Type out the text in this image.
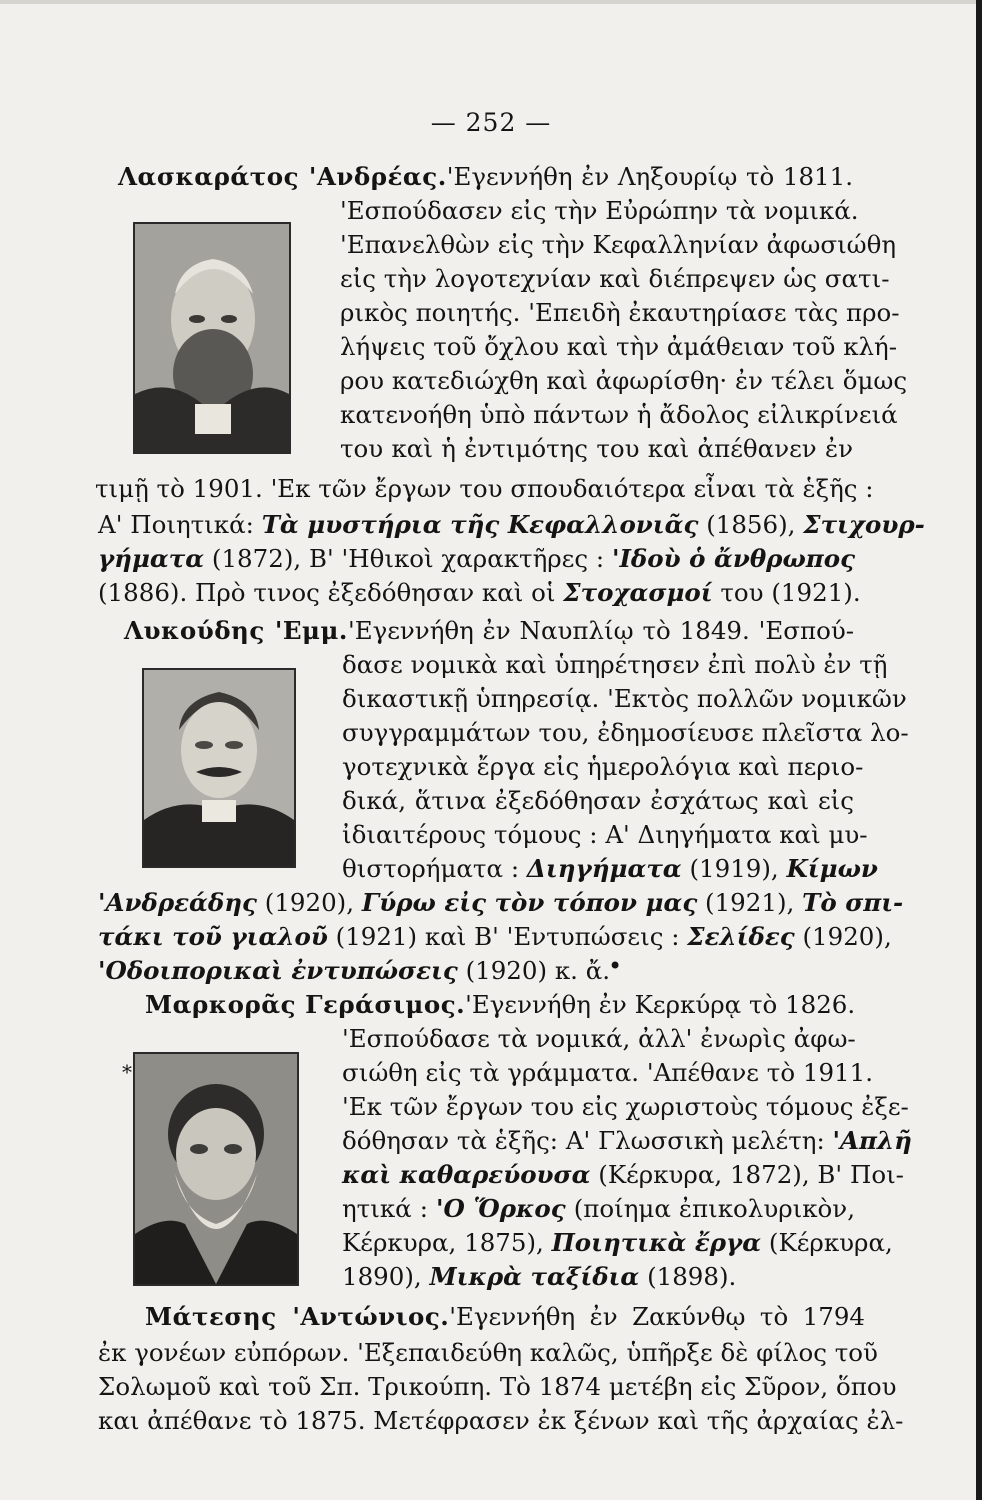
— 252 —
Λασκαράτος 'Ανδρέας.'Εγεννήθη ἐν Ληξουρίῳ τὸ 1811.
'Εσπούδασεν εἰς τὴν Εὐρώπην τὰ νομικά.
'Επανελθὼν εἰς τὴν Κεφαλληνίαν ἀφωσιώθη
εἰς τὴν λογοτεχνίαν καὶ διέπρεψεν ὡς σατι-
ρικὸς ποιητής. 'Επειδὴ ἐκαυτηρίασε τὰς προ-
λήψεις τοῦ ὄχλου καὶ τὴν ἀμάθειαν τοῦ κλή-
ρου κατεδιώχθη καὶ ἀφωρίσθη· ἐν τέλει ὅμως
κατενοήθη ὑπὸ πάντων ἡ ἄδολος εἰλικρίνειά
του καὶ ἡ ἐντιμότης του καὶ ἀπέθανεν ἐν
τιμῇ τὸ 1901. 'Εκ τῶν ἔργων του σπουδαιότερα εἶναι τὰ ἑξῆς :
Α' Ποιητικά: Τὰ μυστήρια τῆς Κεφαλλονιᾶς (1856), Στιχουρ-
γήματα (1872), Β' 'Ηθικοὶ χαρακτῆρες : 'Ιδοὺ ὁ ἄνθρωπος
(1886). Πρὸ τινος ἐξεδόθησαν καὶ οἱ Στοχασμοί του (1921).
Λυκούδης 'Εμμ.'Εγεννήθη ἐν Ναυπλίῳ τὸ 1849. 'Εσπού-
δασε νομικὰ καὶ ὑπηρέτησεν ἐπὶ πολὺ ἐν τῇ
δικαστικῇ ὑπηρεσίᾳ. 'Εκτὸς πολλῶν νομικῶν
συγγραμμάτων του, ἐδημοσίευσε πλεῖστα λο-
γοτεχνικὰ ἔργα εἰς ἡμερολόγια καὶ περιο-
δικά, ἅτινα ἐξεδόθησαν ἐσχάτως καὶ εἰς
ἰδιαιτέρους τόμους : Α' Διηγήματα καὶ μυ-
θιστορήματα : Διηγήματα (1919), Κίμων
'Ανδρεάδης (1920), Γύρω εἰς τὸν τόπον μας (1921), Τὸ σπι-
τάκι τοῦ γιαλοῦ (1921) καὶ Β' 'Εντυπώσεις : Σελίδες (1920),
'Οδοιπορικαὶ ἐντυπώσεις (1920) κ. ἄ.
•
Μαρκορᾶς Γεράσιμος.'Εγεννήθη ἐν Κερκύρᾳ τὸ 1826.
'Εσπούδασε τὰ νομικά, ἀλλ' ἐνωρὶς ἀφω-
σιώθη εἰς τὰ γράμματα. 'Απέθανε τὸ 1911.
'Εκ τῶν ἔργων του εἰς χωριστοὺς τόμους ἐξε-
δόθησαν τὰ ἑξῆς: Α' Γλωσσικὴ μελέτη: 'Απλῆ
καὶ καθαρεύουσα (Κέρκυρα, 1872), Β' Ποι-
ητικά : 'Ο Ὅρκος (ποίημα ἐπικολυρικὸν,
Κέρκυρα, 1875), Ποιητικὰ ἔργα (Κέρκυρα,
1890), Μικρὰ ταξίδια (1898).
*
Μάτεσης 'Αντώνιος.'Εγεννήθη ἐν Ζακύνθῳ τὸ 1794
ἐκ γονέων εὐπόρων. 'Εξεπαιδεύθη καλῶς, ὑπῆρξε δὲ φίλος τοῦ
Σολωμοῦ καὶ τοῦ Σπ. Τρικούπη. Τὸ 1874 μετέβη εἰς Σῦρον, ὅπου
και ἀπέθανε τὸ 1875. Μετέφρασεν ἐκ ξένων καὶ τῆς ἀρχαίας ἐλ-
